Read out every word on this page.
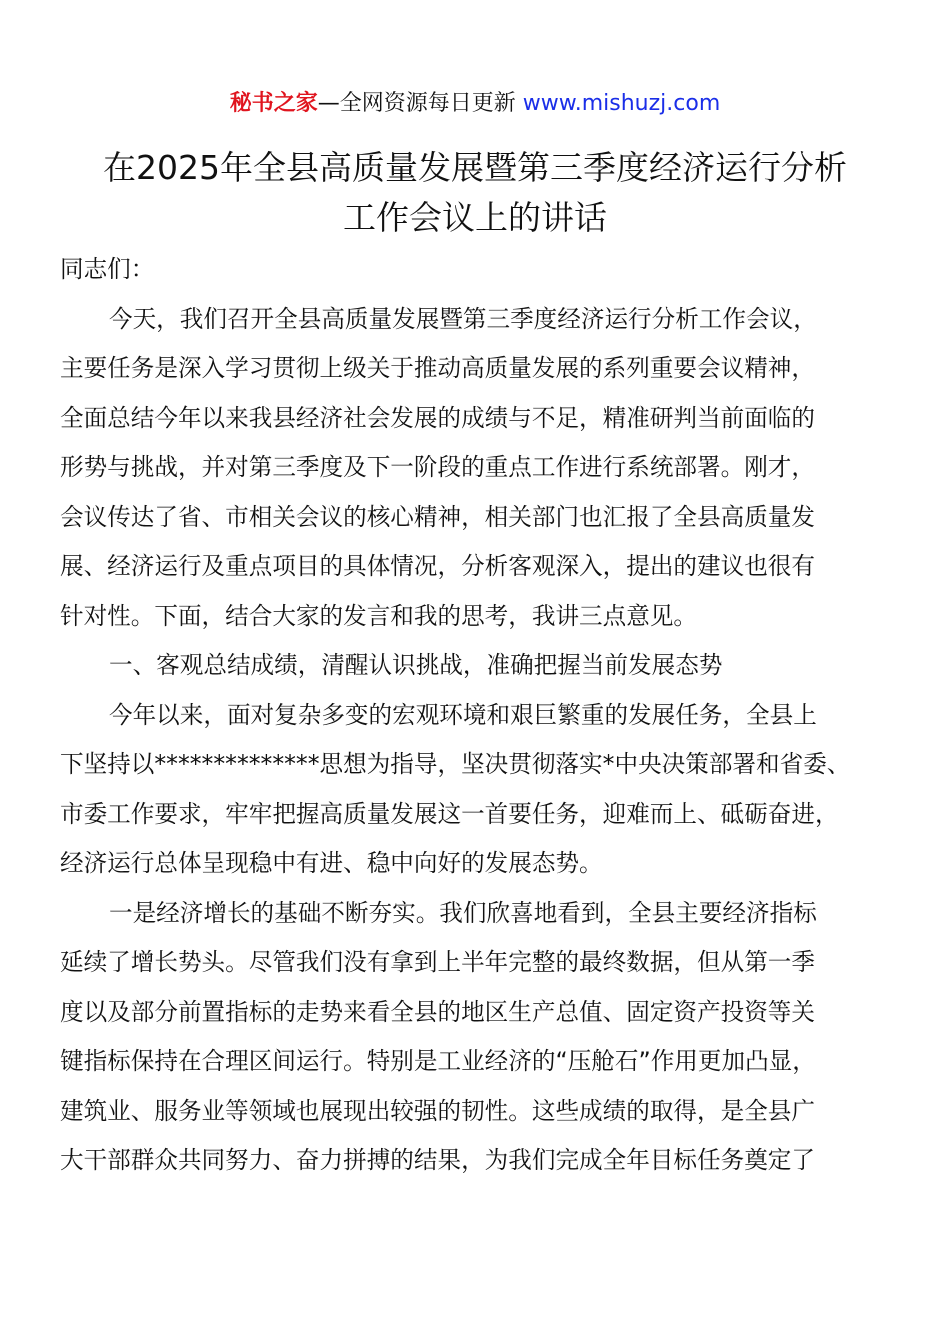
秘书之家—全网资源每日更新 www.mishuzj.com
在2025年全县高质量发展暨第三季度经济运行分析
工作会议上的讲话
同志们：
今天，我们召开全县高质量发展暨第三季度经济运行分析工作会议，
主要任务是深入学习贯彻上级关于推动高质量发展的系列重要会议精神，
全面总结今年以来我县经济社会发展的成绩与不足，精准研判当前面临的
形势与挑战，并对第三季度及下一阶段的重点工作进行系统部署。刚才，
会议传达了省、市相关会议的核心精神，相关部门也汇报了全县高质量发
展、经济运行及重点项目的具体情况，分析客观深入，提出的建议也很有
针对性。下面，结合大家的发言和我的思考，我讲三点意见。
一、客观总结成绩，清醒认识挑战，准确把握当前发展态势
今年以来，面对复杂多变的宏观环境和艰巨繁重的发展任务，全县上
下坚持以**************思想为指导，坚决贯彻落实*中央决策部署和省委、
市委工作要求，牢牢把握高质量发展这一首要任务，迎难而上、砥砺奋进，
经济运行总体呈现稳中有进、稳中向好的发展态势。
一是经济增长的基础不断夯实。我们欣喜地看到，全县主要经济指标
延续了增长势头。尽管我们没有拿到上半年完整的最终数据，但从第一季
度以及部分前置指标的走势来看全县的地区生产总值、固定资产投资等关
键指标保持在合理区间运行。特别是工业经济的“压舱石”作用更加凸显，
建筑业、服务业等领域也展现出较强的韧性。这些成绩的取得，是全县广
大干部群众共同努力、奋力拼搏的结果，为我们完成全年目标任务奠定了
